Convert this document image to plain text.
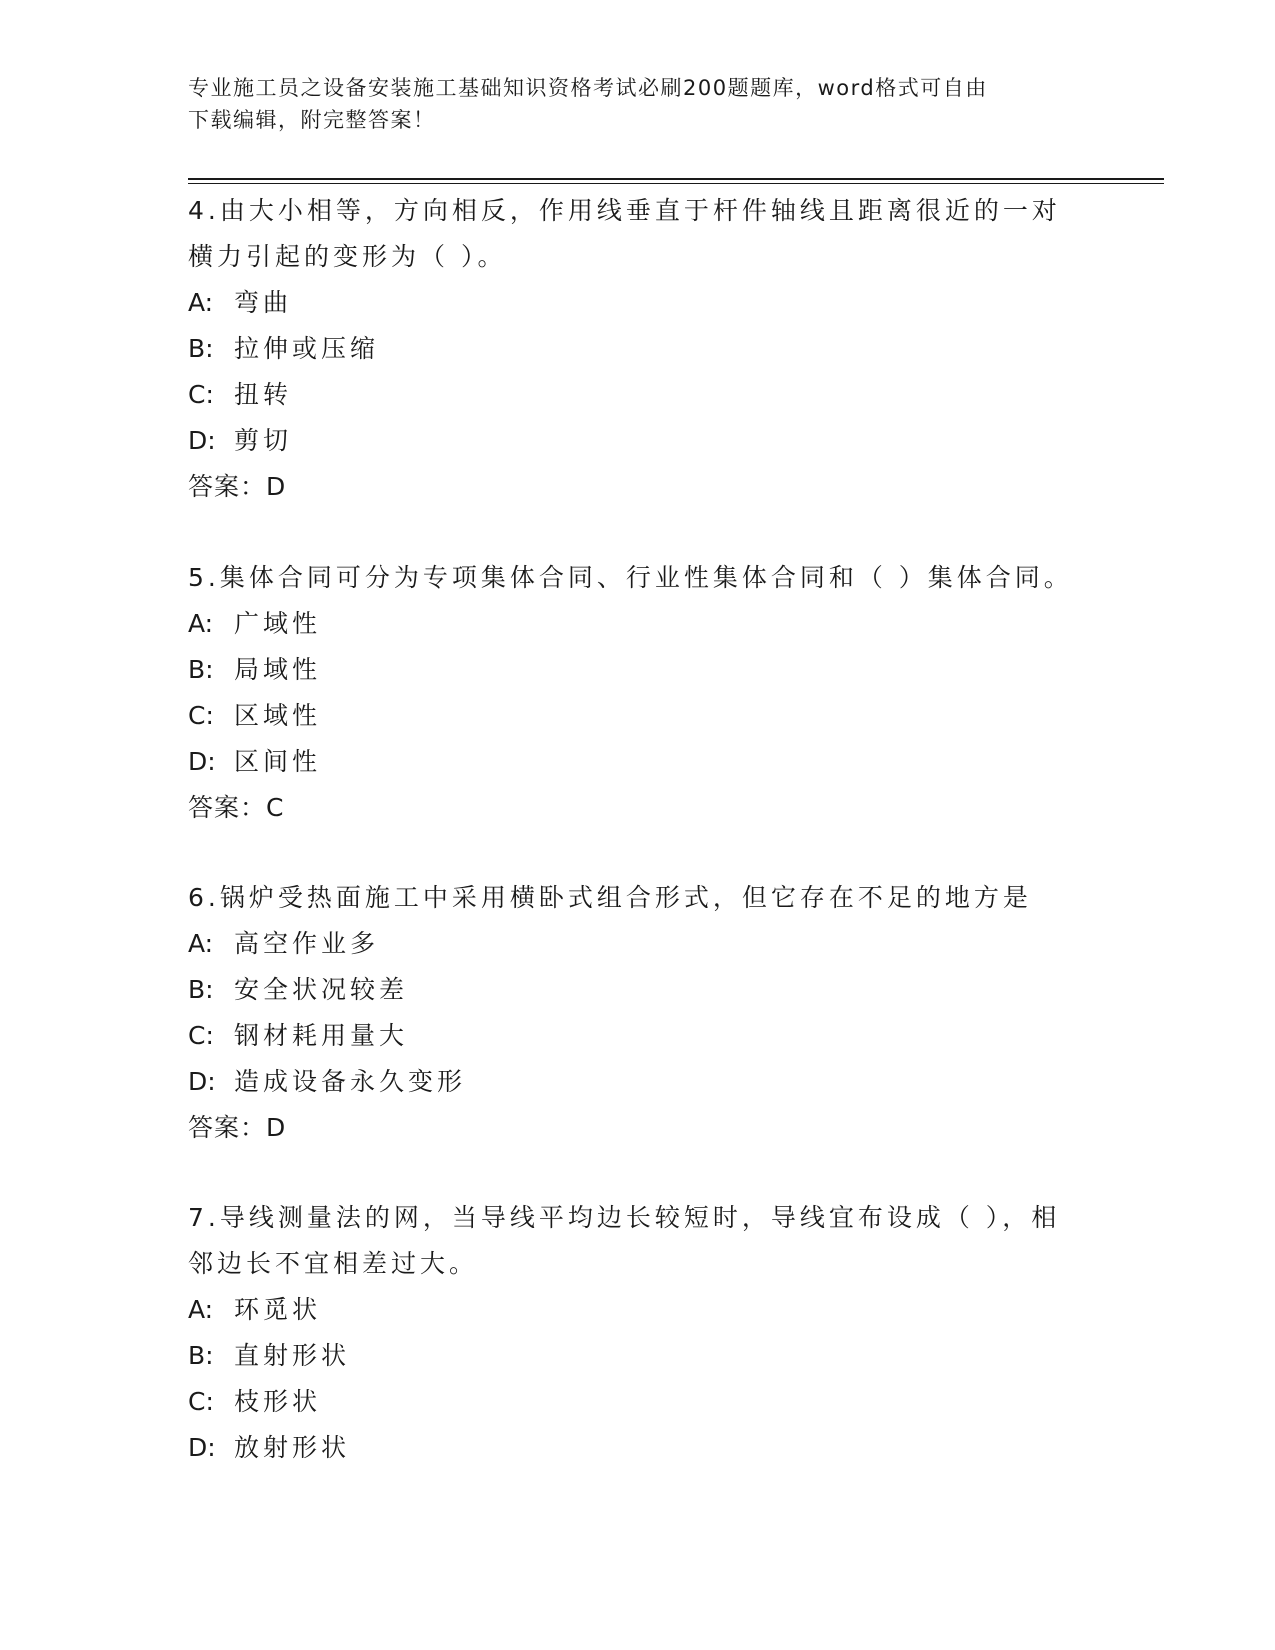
专业施工员之设备安装施工基础知识资格考试必刷200题题库，word格式可自由
下载编辑，附完整答案！

4.由大小相等，方向相反，作用线垂直于杆件轴线且距离很近的一对

横力引起的变形为（ ）。

A: 弯曲

B: 拉伸或压缩

C: 扭转

D: 剪切

答案：D

5.集体合同可分为专项集体合同、行业性集体合同和（ ）集体合同。

A: 广域性

B: 局域性

C: 区域性

D: 区间性

答案：C

6.锅炉受热面施工中采用横卧式组合形式，但它存在不足的地方是

A: 高空作业多

B: 安全状况较差

C: 钢材耗用量大

D: 造成设备永久变形

答案：D

7.导线测量法的网，当导线平均边长较短时，导线宜布设成（ ），相

邻边长不宜相差过大。

A: 环觅状

B: 直射形状

C: 枝形状

D: 放射形状
